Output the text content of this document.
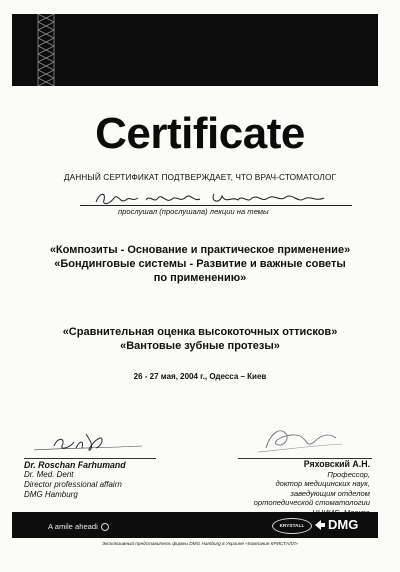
Certificate
ДАННЫЙ СЕРТИФИКАТ ПОДТВЕРЖДАЕТ, ЧТО ВРАЧ-СТОМАТОЛОГ
прослушал (прослушала) лекции на темы
«Композиты - Основание и практическое применение»
«Бондинговые системы - Развитие и важные советы
по применению»
«Сравнительная оценка высокоточных оттисков»
«Вантовые зубные протезы»
26 - 27 мая, 2004 г., Одесса – Киев
Dr. Roschan Farhumand
Dr. Med. Dent
Director professional affairn
DMG Hamburg
Ряховский А.Н.
Профессор,
доктор медицинских наук,
заведующим отделом
ортопедической стоматологии
A amile aheadi	KRYSTALL	DMG
Эксклюзивный представитель фирмы DMG Hamburg в Украине «Компания КРИСТАЛЛ»
